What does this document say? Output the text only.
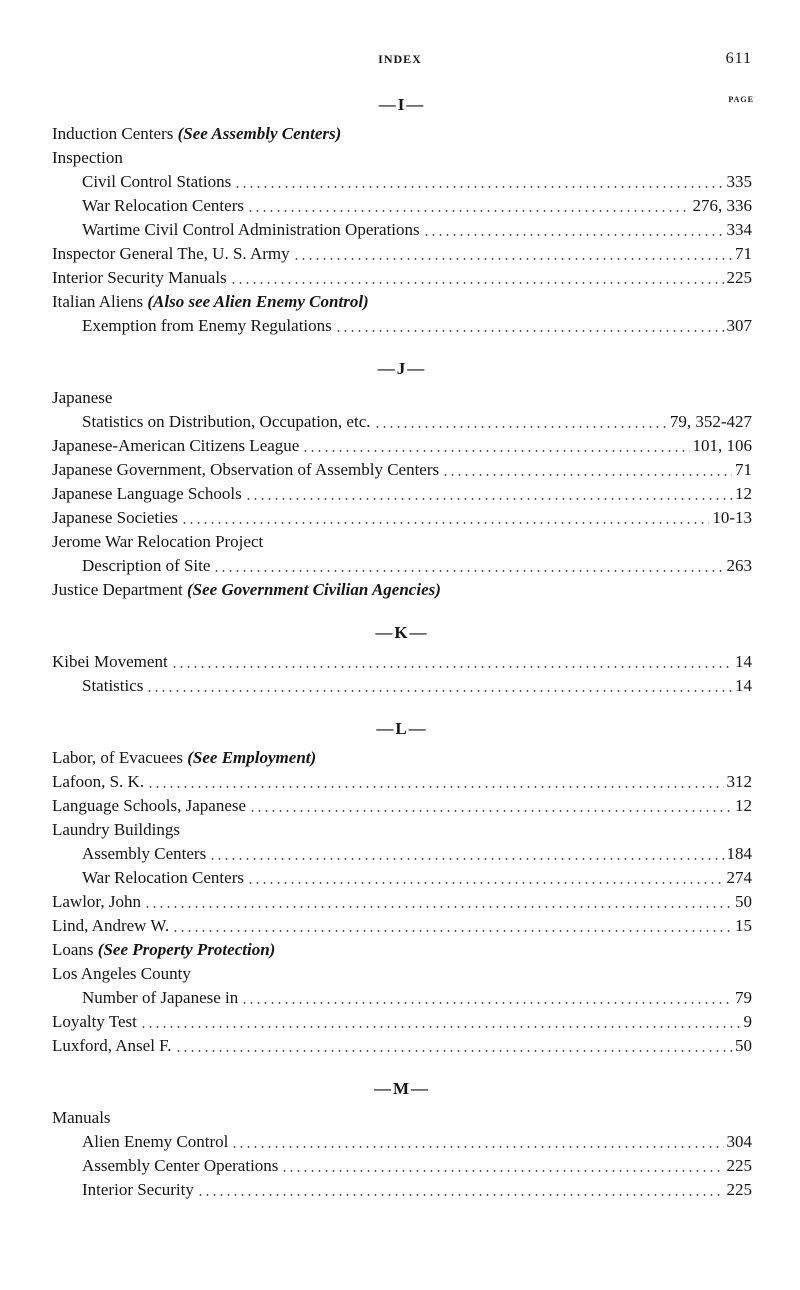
INDEX	611
PAGE
—I—
Induction Centers (See Assembly Centers)
Inspection
Civil Control Stations	335
War Relocation Centers	276, 336
Wartime Civil Control Administration Operations	334
Inspector General The, U. S. Army	71
Interior Security Manuals	225
Italian Aliens (Also see Alien Enemy Control)
Exemption from Enemy Regulations	307
—J—
Japanese
Statistics on Distribution, Occupation, etc.	79, 352-427
Japanese-American Citizens League	101, 106
Japanese Government, Observation of Assembly Centers	71
Japanese Language Schools	12
Japanese Societies	10-13
Jerome War Relocation Project
Description of Site	263
Justice Department (See Government Civilian Agencies)
—K—
Kibei Movement	14
Statistics	14
—L—
Labor, of Evacuees (See Employment)
Lafoon, S. K.	312
Language Schools, Japanese	12
Laundry Buildings
Assembly Centers	184
War Relocation Centers	274
Lawlor, John	50
Lind, Andrew W.	15
Loans (See Property Protection)
Los Angeles County
Number of Japanese in	79
Loyalty Test	9
Luxford, Ansel F.	50
—M—
Manuals
Alien Enemy Control	304
Assembly Center Operations	225
Interior Security	225
